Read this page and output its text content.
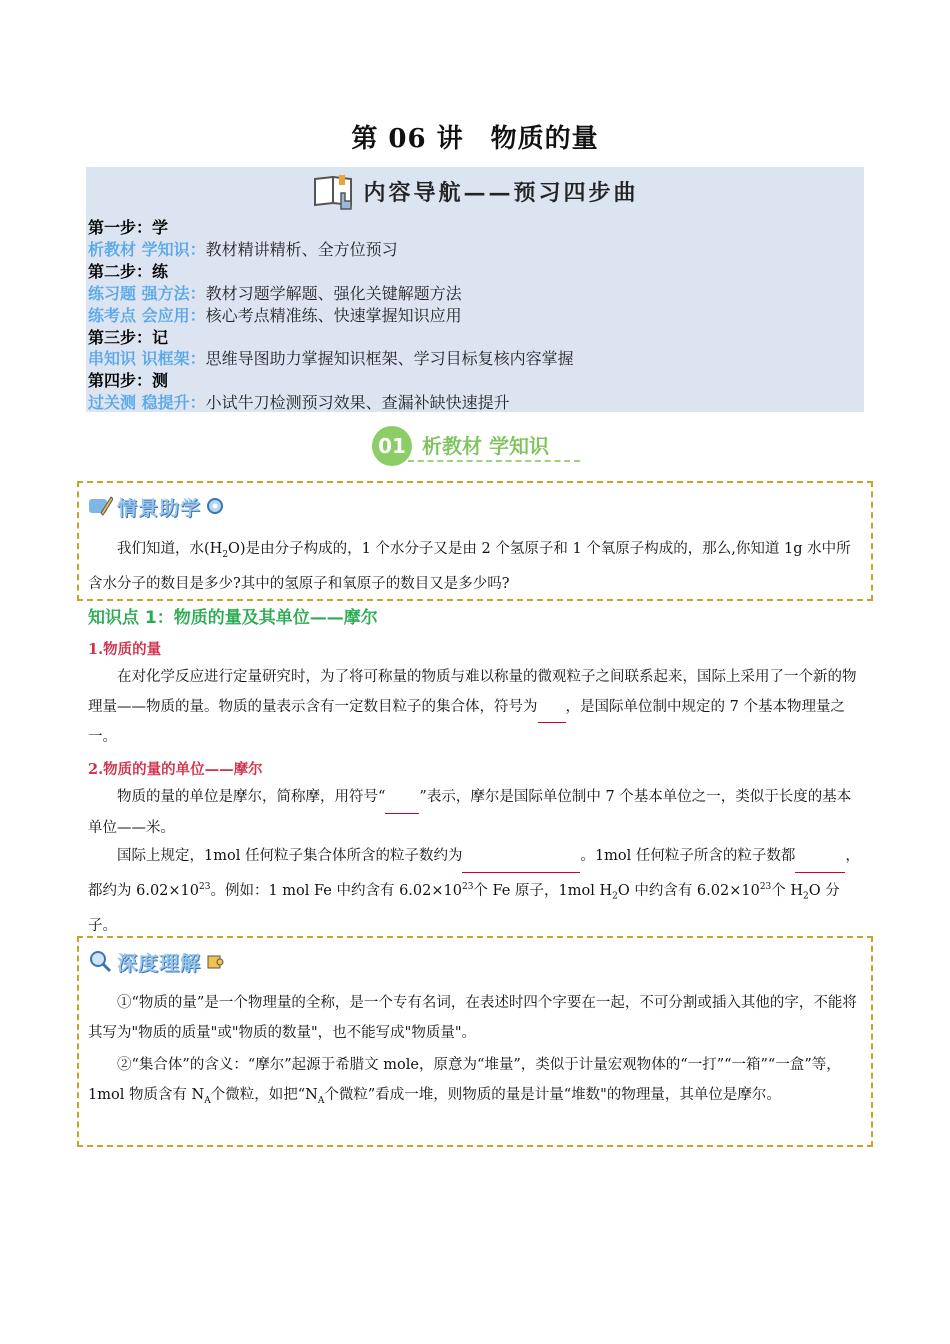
第 06 讲　物质的量
内容导航——预习四步曲
第一步：学
析教材 学知识：教材精讲精析、全方位预习
第二步：练
练习题 强方法：教材习题学解题、强化关键解题方法
练考点 会应用：核心考点精准练、快速掌握知识应用
第三步：记
串知识 识框架：思维导图助力掌握知识框架、学习目标复核内容掌握
第四步：测
过关测 稳提升：小试牛刀检测预习效果、查漏补缺快速提升
01 析教材 学知识
情景助学
我们知道，水$(H_2O)$是由分子构成的，1 个水分子又是由 2 个氢原子和 1 个氧原子构成的，那么,你知道 1g 水中所含水分子的数目是多少?其中的氢原子和氧原子的数目又是多少吗?
知识点 1：物质的量及其单位——摩尔
1.物质的量
在对化学反应进行定量研究时，为了将可称量的物质与难以称量的微观粒子之间联系起来，国际上采用了一个新的物理量——物质的量。物质的量表示含有一定数目粒子的集合体，符号为 ，是国际单位制中规定的 7 个基本物理量之一。
2.物质的量的单位——摩尔
物质的量的单位是摩尔，简称摩，用符号“ ”表示，摩尔是国际单位制中 7 个基本单位之一，类似于长度的基本单位——米。
国际上规定，1mol 任何粒子集合体所含的粒子数约为	。1mol 任何粒子所含的粒子数都	，都约为 $6.02\times 10^{23}$。例如：1 mol Fe 中约含有 $6.02\times 10^{23}$个 Fe 原子，1mol $H_2O$ 中约含有 $6.02\times 10^{23}$个 $H_2O$ 分子。
深度理解
①“物质的量”是一个物理量的全称，是一个专有名词，在表述时四个字要在一起，不可分割或插入其他的字，不能将其写为"物质的质量"或"物质的数量"，也不能写成"物质量"。
②“集合体”的含义：“摩尔”起源于希腊文 mole，原意为“堆量”，类似于计量宏观物体的“一打”“一箱”“一盒”等，1mol 物质含有 $N_A$个微粒，如把“$N_A$个微粒”看成一堆，则物质的量是计量“堆数"的物理量，其单位是摩尔。
